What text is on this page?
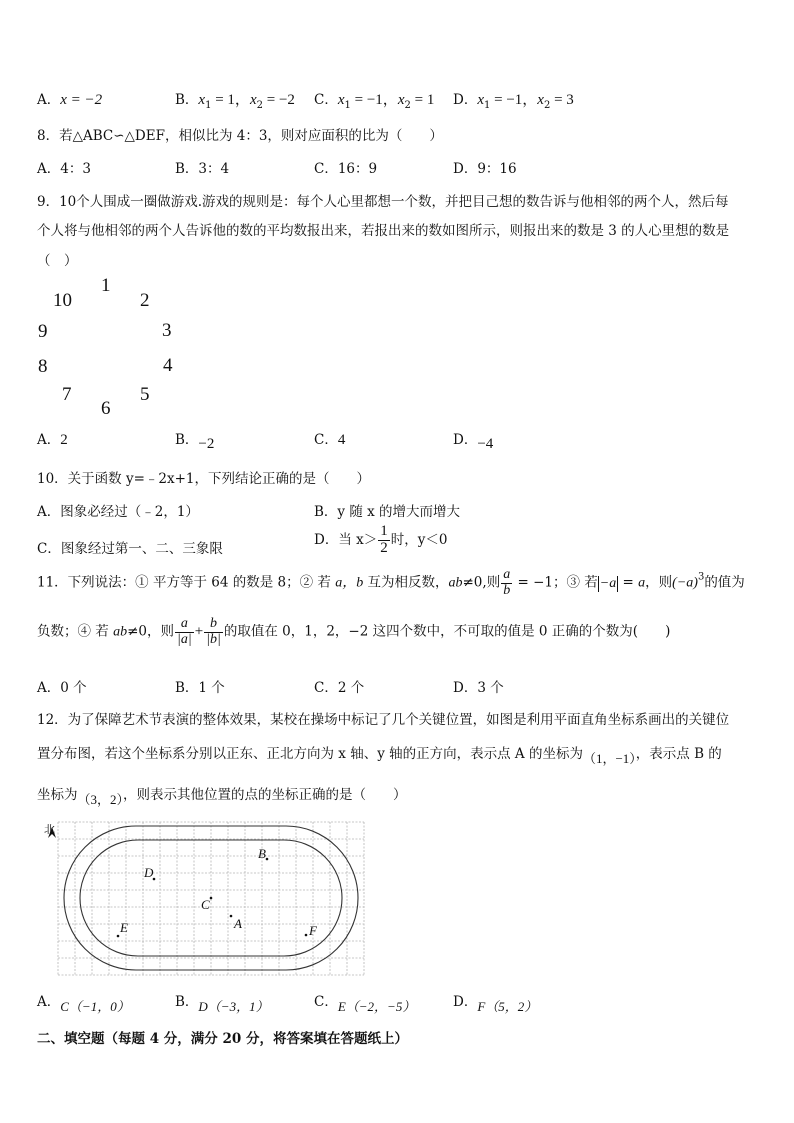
A．x = −2	B．$x_1 = 1$，$x_2 = -2$ C．$x_1 = -1$，$x_2 = 1$ D．$x_1 = -1$，$x_2 = 3$
8．若△ABC∽△DEF，相似比为 4：3，则对应面积的比为（　　）
A．4：3	B．3：4	C．16：9	D．9：16
9．10个人围成一圈做游戏.游戏的规则是：每个人心里都想一个数，并把目己想的数告诉与他相邻的两个人，然后每
个人将与他相邻的两个人告诉他的数的平均数报出来，若报出来的数如图所示，则报出来的数是 3 的人心里想的数是
（　）
1
2
3
4
5
6
7
8
9
10
A．2	B．−2	C．4	D．−4
10．关于函数 y=﹣2x+1，下列结论正确的是（　　）
A．图象必经过（﹣2，1）	B．y 随 x 的增大而增大
C．图象经过第一、二、三象限
D．当 $x> \frac{1}{2}$ 时，y＜0
11．下列说法：① 平方等于 64 的数是 8；② 若 a，b 互为相反数，ab≠0,则 $\frac{a}{b} = -1$；③ 若 −a = a，则$(-a)^3$的值为
负数；④ 若 ab≠0，则 $\frac{a}{|a|} + \frac{b}{|b|}$ 的取值在 0，1，2，−2 这四个数中，不可取的值是 0 正确的个数为(　　)
A．0 个	B．1 个	C．2 个	D．3 个
12．为了保障艺术节表演的整体效果，某校在操场中标记了几个关键位置，如图是利用平面直角坐标系画出的关键位
置分布图，若这个坐标系分别以正东、正北方向为 x 轴、y 轴的正方向，表示点 A 的坐标为（1，−1），表示点 B 的
坐标为（3，2），则表示其他位置的点的坐标正确的是（　　）
北
B
D
C
A
E	F
A．C（−1，0）	B．D（−3，1）	C．E（−2，−5）	D．F（5，2）
二、填空题（每题 4 分，满分 20 分，将答案填在答题纸上）
